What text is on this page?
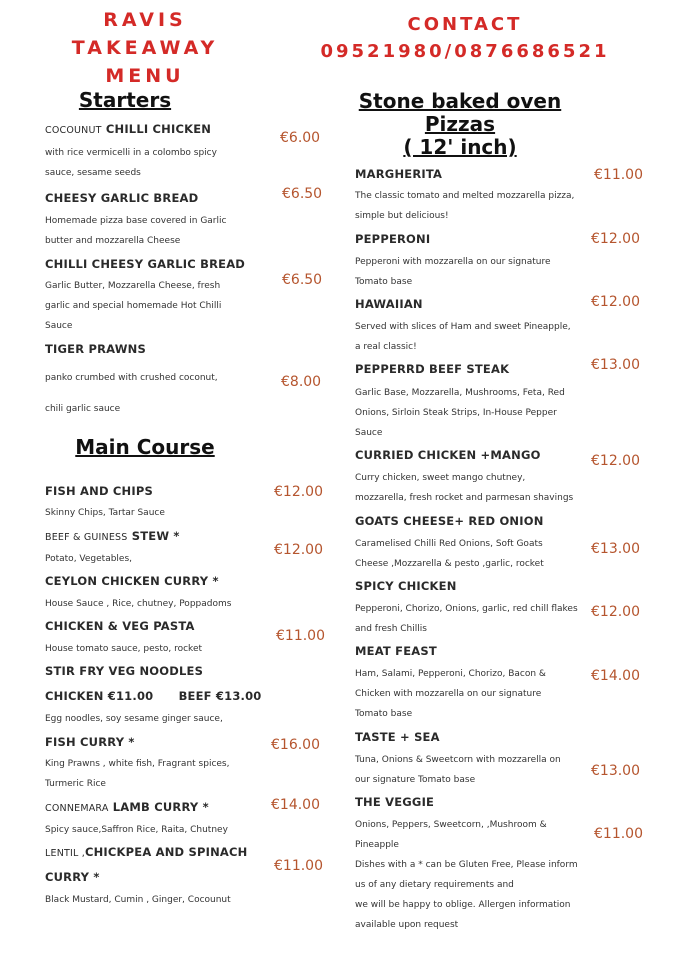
RAVIS
TAKEAWAY
MENU
CONTACT
09521980/0876686521
Starters
COCOUNUT CHILLI CHICKEN
with rice vermicelli in a colombo spicy
sauce, sesame seeds
€6.00
CHEESY GARLIC BREAD
Homemade pizza base covered in Garlic
butter and mozzarella Cheese
€6.50
CHILLI CHEESY GARLIC BREAD
Garlic Butter, Mozzarella Cheese, fresh
garlic and special homemade Hot Chilli
Sauce
€6.50
TIGER PRAWNS
panko crumbed with crushed coconut,
chili garlic sauce
€8.00
Main Course
FISH AND CHIPS
Skinny Chips, Tartar Sauce
€12.00
BEEF & GUINESS STEW *
Potato, Vegetables,
€12.00
CEYLON CHICKEN CURRY *
House Sauce , Rice, chutney, Poppadoms
CHICKEN & VEG PASTA
House tomato sauce, pesto, rocket
€11.00
STIR FRY VEG NOODLES
CHICKEN €11.00      BEEF €13.00
Egg noodles, soy sesame ginger sauce,
FISH CURRY *
King Prawns , white fish, Fragrant spices,
Turmeric Rice
€16.00
CONNEMARA LAMB CURRY *
Spicy sauce,Saffron Rice, Raita, Chutney
€14.00
LENTIL ,CHICKPEA AND SPINACH
CURRY *
Black Mustard, Cumin , Ginger, Cocounut
€11.00
Stone baked oven
Pizzas
( 12' inch)
MARGHERITA
The classic tomato and melted mozzarella pizza,
simple but delicious!
€11.00
PEPPERONI
Pepperoni with mozzarella on our signature
Tomato base
€12.00
HAWAIIAN
Served with slices of Ham and sweet Pineapple,
a real classic!
€12.00
PEPPERRD BEEF STEAK
Garlic Base, Mozzarella, Mushrooms, Feta, Red
Onions, Sirloin Steak Strips, In-House Pepper
Sauce
€13.00
CURRIED CHICKEN +MANGO
Curry chicken, sweet mango chutney,
mozzarella, fresh rocket and parmesan shavings
€12.00
GOATS CHEESE+ RED ONION
Caramelised Chilli Red Onions, Soft Goats
Cheese ,Mozzarella & pesto ,garlic, rocket
€13.00
SPICY CHICKEN
Pepperoni, Chorizo, Onions, garlic, red chill flakes
and fresh Chillis
€12.00
MEAT FEAST
Ham, Salami, Pepperoni, Chorizo, Bacon &
Chicken with mozzarella on our signature
Tomato base
€14.00
TASTE + SEA
Tuna, Onions & Sweetcorn with mozzarella on
our signature Tomato base
€13.00
THE VEGGIE
Onions, Peppers, Sweetcorn, ,Mushroom &
Pineapple
€11.00
Dishes with a * can be Gluten Free, Please inform
us of any dietary requirements and
we will be happy to oblige. Allergen information
available upon request
